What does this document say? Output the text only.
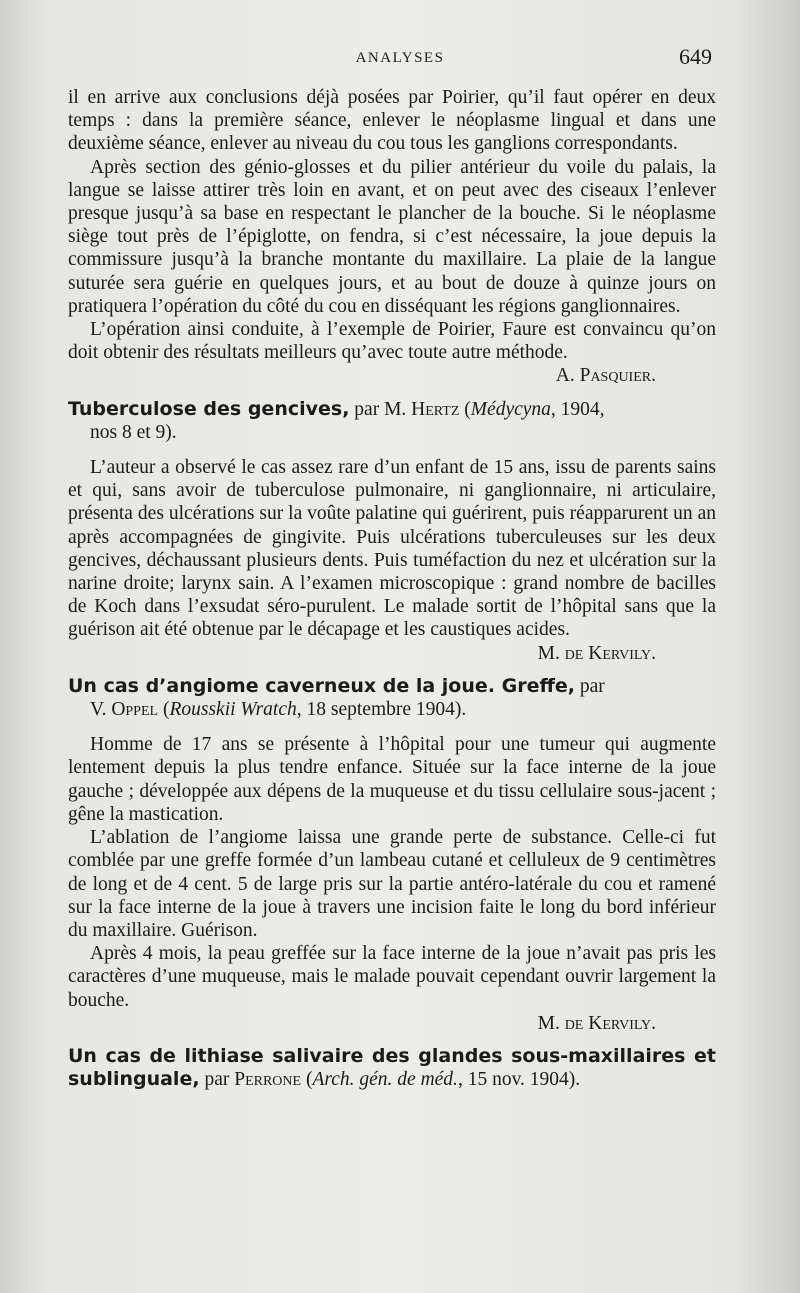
ANALYSES	649

il en arrive aux conclusions déjà posées par Poirier, qu’il faut opérer en deux temps : dans la première séance, enlever le néoplasme lingual et dans une deuxième séance, enlever au niveau du cou tous les ganglions correspondants.

Après section des génio-glosses et du pilier antérieur du voile du palais, la langue se laisse attirer très loin en avant, et on peut avec des ciseaux l’enlever presque jusqu’à sa base en respectant le plancher de la bouche. Si le néoplasme siège tout près de l’épiglotte, on fendra, si c’est nécessaire, la joue depuis la commissure jusqu’à la branche montante du maxillaire. La plaie de la langue suturée sera guérie en quelques jours, et au bout de douze à quinze jours on pratiquera l’opération du côté du cou en disséquant les régions ganglionnaires.

L’opération ainsi conduite, à l’exemple de Poirier, Faure est convaincu qu’on doit obtenir des résultats meilleurs qu’avec toute autre méthode.

A. Pasquier.

Tuberculose des gencives, par M. Hertz (Médycyna, 1904,
nos 8 et 9).

L’auteur a observé le cas assez rare d’un enfant de 15 ans, issu de parents sains et qui, sans avoir de tuberculose pulmonaire, ni ganglionnaire, ni articulaire, présenta des ulcérations sur la voûte palatine qui guérirent, puis réapparurent un an après accompagnées de gingivite. Puis ulcérations tuberculeuses sur les deux gencives, déchaussant plusieurs dents. Puis tuméfaction du nez et ulcération sur la narine droite; larynx sain. A l’examen microscopique : grand nombre de bacilles de Koch dans l’exsudat séro-purulent. Le malade sortit de l’hôpital sans que la guérison ait été obtenue par le décapage et les caustiques acides.

M. de Kervily.

Un cas d’angiome caverneux de la joue. Greffe, par
V. Oppel (Rousskii Wratch, 18 septembre 1904).

Homme de 17 ans se présente à l’hôpital pour une tumeur qui augmente lentement depuis la plus tendre enfance. Située sur la face interne de la joue gauche ; développée aux dépens de la muqueuse et du tissu cellulaire sous-jacent ; gêne la mastication.

L’ablation de l’angiome laissa une grande perte de substance. Celle-ci fut comblée par une greffe formée d’un lambeau cutané et celluleux de 9 centimètres de long et de 4 cent. 5 de large pris sur la partie antéro-latérale du cou et ramené sur la face interne de la joue à travers une incision faite le long du bord inférieur du maxillaire. Guérison.

Après 4 mois, la peau greffée sur la face interne de la joue n’avait pas pris les caractères d’une muqueuse, mais le malade pouvait cependant ouvrir largement la bouche.

M. de Kervily.

Un cas de lithiase salivaire des glandes sous-maxillaires et sublinguale, par Perrone (Arch. gén. de méd., 15 nov. 1904).
